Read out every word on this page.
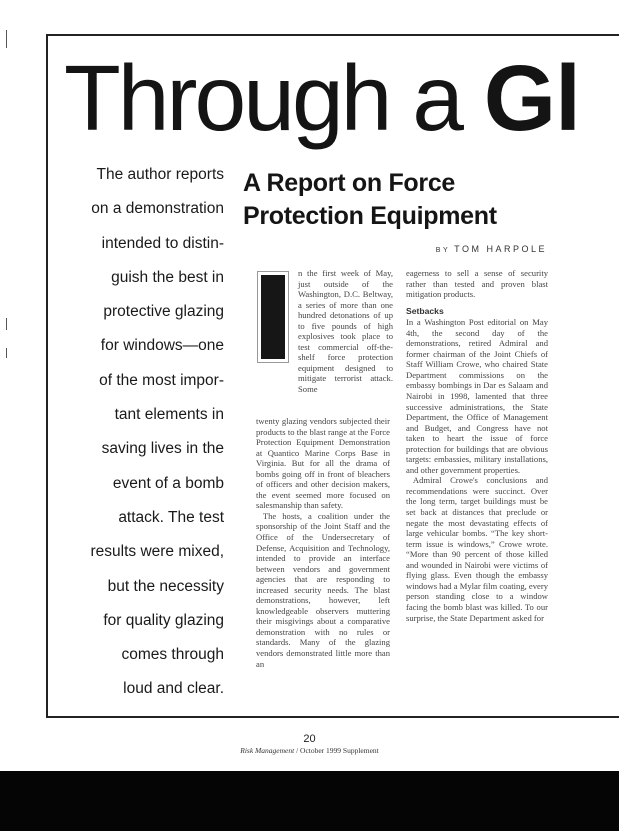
Through a Gl
The author reports
on a demonstration
intended to distin-
guish the best in
protective glazing
for windows—one
of the most impor-
tant elements in
saving lives in the
event of a bomb
attack. The test
results were mixed,
but the necessity
for quality glazing
comes through
loud and clear.
A Report on Force
Protection Equipment
BY TOM HARPOLE

n the first week of May, just outside of the Washington, D.C. Beltway, a series of more than one hundred detonations of up to five pounds of high explosives took place to test commercial off-the-shelf force protection equipment designed to mitigate terrorist attack. Some

twenty glazing vendors subjected their products to the blast range at the Force Protection Equipment Demonstration at Quantico Marine Corps Base in Virginia. But for all the drama of bombs going off in front of bleachers of officers and other decision makers, the event seemed more focused on salesmanship than safety.

The hosts, a coalition under the sponsorship of the Joint Staff and the Office of the Undersecretary of Defense, Acquisition and Technology, intended to provide an interface between vendors and government agencies that are responding to increased security needs. The blast demonstrations, however, left knowledgeable observers muttering their misgivings about a comparative demonstration with no rules or standards. Many of the glazing vendors demonstrated little more than an

eagerness to sell a sense of security rather than tested and proven blast mitigation products.

Setbacks

In a Washington Post editorial on May 4th, the second day of the demonstrations, retired Admiral and former chairman of the Joint Chiefs of Staff William Crowe, who chaired State Department commissions on the embassy bombings in Dar es Salaam and Nairobi in 1998, lamented that three successive administrations, the State Department, the Office of Management and Budget, and Congress have not taken to heart the issue of force protection for buildings that are obvious targets: embassies, military installations, and other government properties.

Admiral Crowe's conclusions and recommendations were succinct. Over the long term, target buildings must be set back at distances that preclude or negate the most devastating effects of large vehicular bombs. “The key short-term issue is windows,” Crowe wrote. “More than 90 percent of those killed and wounded in Nairobi were victims of flying glass. Even though the embassy windows had a Mylar film coating, every person standing close to a window facing the bomb blast was killed. To our surprise, the State Department asked for

20
Risk Management / October 1999 Supplement
